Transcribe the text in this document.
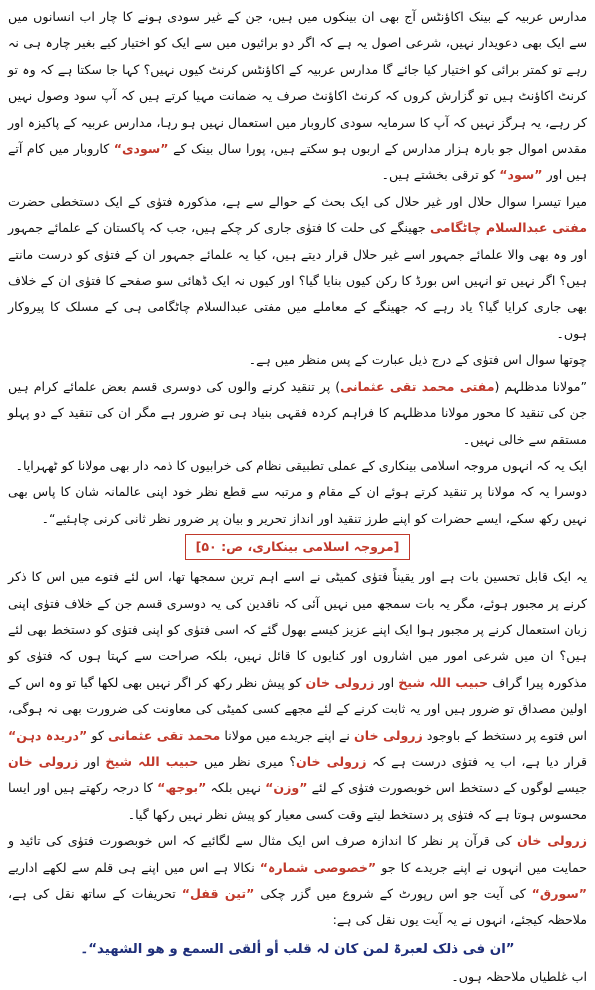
مدارس عربیہ کے بینک اکاؤنٹس آج بھی ان بینکوں میں ہیں، جن کے غیر سودی ہونے کا چار اب انسانوں میں سے ایک بھی دعویدار نہیں، شرعی اصول یہ ہے کہ اگر دو برائیوں میں سے ایک کو اختیار کیے بغیر چارہ ہی نہ رہے تو کمتر برائی کو اختیار کیا جائے گا مدارس عربیہ کے اکاؤنٹس کرنٹ کیوں نہیں؟ کہا جا سکتا ہے کہ وہ تو کرنٹ اکاؤنٹ ہیں تو گزارش کروں کہ کرنٹ اکاؤنٹ صرف یہ ضمانت مہیا کرتے ہیں کہ آپ سود وصول نہیں کر رہے، یہ ہرگز نہیں کہ آپ کا سرمایہ سودی کاروبار میں استعمال نہیں ہو رہا، مدارس عربیہ کے پاکیزہ اور مقدس اموال جو بارہ ہزار مدارس کے اربوں ہو سکتے ہیں، پورا سال بینک کے ”سودی“ کاروبار میں کام آتے ہیں اور ”سود“ کو ترقی بخشتے ہیں۔

میرا تیسرا سوال حلال اور غیر حلال کی ایک بحث کے حوالے سے ہے، مذکورہ فتوٰی کے ایک دستخطی حضرت مفتی عبدالسلام چاٹگامی جھینگے کی حلت کا فتوٰی جاری کر چکے ہیں، جب کہ پاکستان کے علمائے جمہور اور وہ بھی والا علمائے جمہور اسے غیر حلال قرار دیتے ہیں، کیا یہ علمائے جمہور ان کے فتوٰی کو درست مانتے ہیں؟ اگر نہیں تو انہیں اس بورڈ کا رکن کیوں بنایا گیا؟ اور کیوں نہ ایک ڈھائی سو صفحے کا فتوٰی ان کے خلاف بھی جاری کرایا گیا؟ یاد رہے کہ جھینگے کے معاملے میں مفتی عبدالسلام چاٹگامی ہی کے مسلک کا پیروکار ہوں۔

چوتھا سوال اس فتوٰی کے درج ذیل عبارت کے پس منظر میں ہے۔

”مولانا مدظلہم (مفتی محمد تقی عثمانی) پر تنقید کرنے والوں کی دوسری قسم بعض علمائے کرام ہیں جن کی تنقید کا محور مولانا مدظلہم کا فراہم کردہ فقہی بنیاد ہی تو ضرور ہے مگر ان کی تنقید کے دو پہلو مستقم سے خالی نہیں۔

ایک یہ کہ انہوں مروجہ اسلامی بینکاری کے عملی تطبیقی نظام کی خرابیوں کا ذمہ دار بھی مولانا کو ٹھہرایا۔

دوسرا یہ کہ مولانا پر تنقید کرتے ہوئے ان کے مقام و مرتبہ سے قطع نظر خود اپنی عالمانہ شان کا پاس بھی نہیں رکھ سکے، ایسے حضرات کو اپنے طرز تنقید اور انداز تحریر و بیان پر ضرور نظر ثانی کرنی چاہئیے“۔

[مروجہ اسلامی بینکاری، ص: ۵۰]

یہ ایک قابل تحسین بات ہے اور یقیناً فتوٰی کمیٹی نے اسے اہم ترین سمجھا تھا، اس لئے فتوے میں اس کا ذکر کرنے پر مجبور ہوئے، مگر یہ بات سمجھ میں نہیں آئی کہ ناقدین کی یہ دوسری قسم جن کے خلاف فتوٰی اپنی زبان استعمال کرنے پر مجبور ہوا ایک اپنے عزیز کیسے بھول گئے کہ اسی فتوٰی کو اپنی فتوٰی کو دستخط بھی لئے ہیں؟ ان میں شرعی امور میں اشاروں اور کنایوں کا قائل نہیں، بلکہ صراحت سے کہتا ہوں کہ فتوٰی کو مذکورہ پیرا گراف حبیب اللہ شیخ اور زرولی خان کو پیش نظر رکھ کر اگر نہیں بھی لکھا گیا تو وہ اس کے اولین مصداق تو ضرور ہیں اور یہ ثابت کرنے کے لئے مجھے کسی کمیٹی کی معاونت کی ضرورت بھی نہ ہوگی، اس فتوے پر دستخط کے باوجود زرولی خان نے اپنے جریدے میں مولانا محمد تقی عثمانی کو ”دریدہ دہن“ قرار دیا ہے، اب یہ فتوٰی درست ہے کہ زرولی خان؟ میری نظر میں حبیب اللہ شیخ اور زرولی خان جیسے لوگوں کے دستخط اس خوبصورت فتوٰی کے لئے ”وزن“ نہیں بلکہ ”بوجھ“ کا درجہ رکھتے ہیں اور ایسا محسوس ہوتا ہے کہ فتوٰی پر دستخط لیتے وقت کسی معیار کو پیش نظر نہیں رکھا گیا۔

زرولی خان کی قرآن پر نظر کا اندازہ صرف اس ایک مثال سے لگائیے کہ اس خوبصورت فتوٰی کی تائید و حمایت میں انہوں نے اپنے جریدے کا جو ”خصوصی شمارہ“ نکالا ہے اس میں اپنے ہی قلم سے لکھے اداریے ”سورق“ کی آیت جو اس رپورٹ کے شروع میں گزر چکی ”تین قفل“ تحریفات کے ساتھ نقل کی ہے، ملاحظہ کیجئے، انہوں نے یہ آیت یوں نقل کی ہے:

”ان فی ذلک لعبرۃ لمن کان لہ قلب أو ألقی السمع و ھو الشھید“۔

اب غلطیاں ملاحظہ ہوں۔
